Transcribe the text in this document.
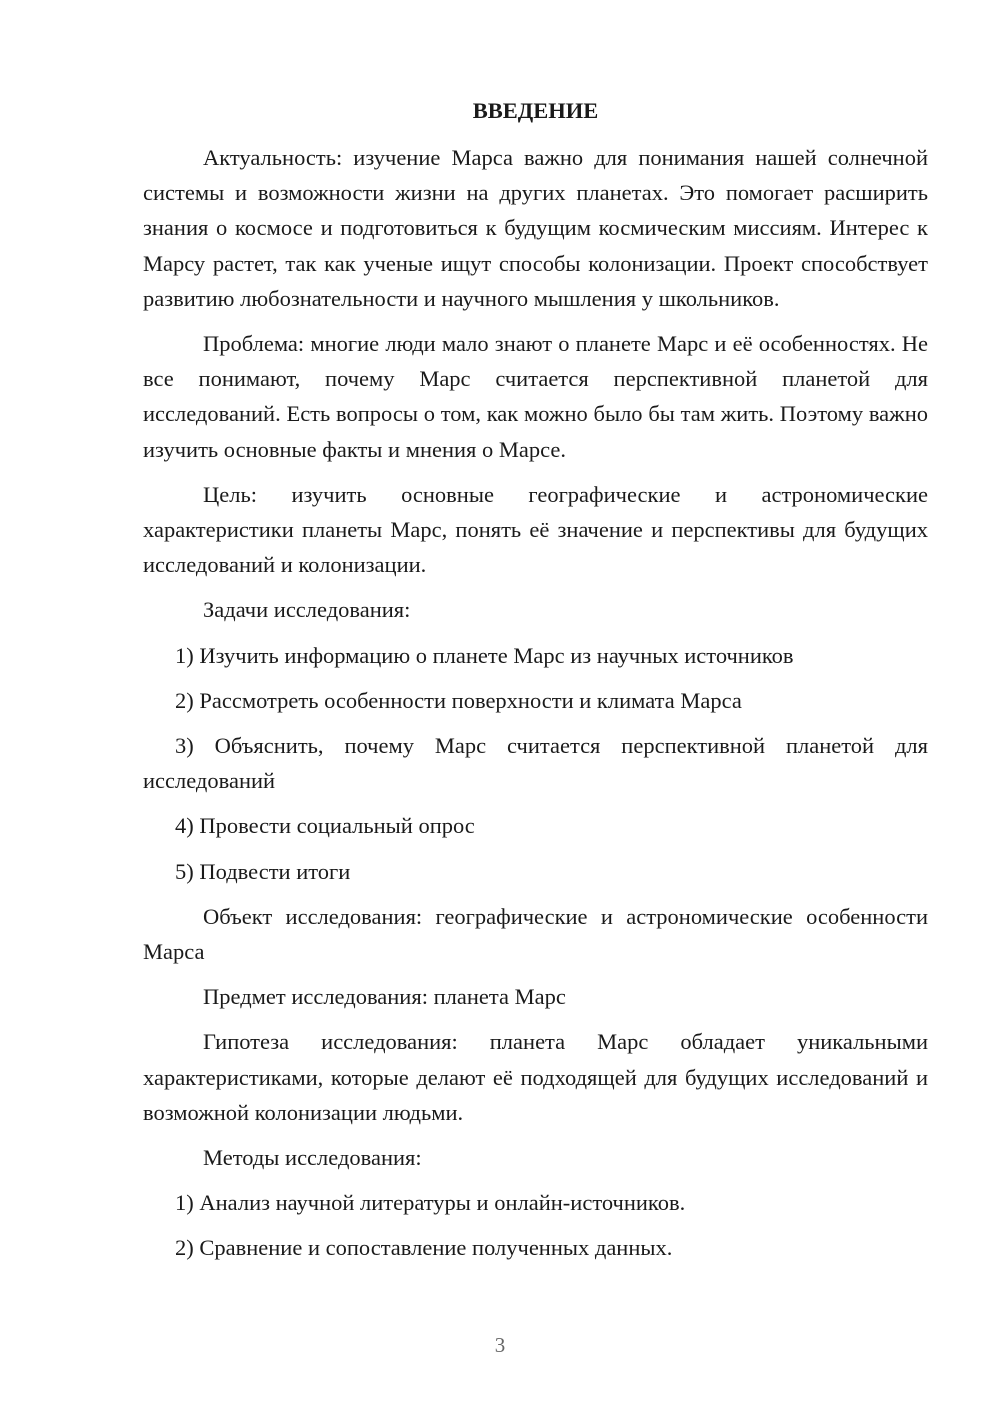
ВВЕДЕНИЕ

Актуальность: изучение Марса важно для понимания нашей солнечной системы и возможности жизни на других планетах. Это помогает расширить знания о космосе и подготовиться к будущим космическим миссиям. Интерес к Марсу растет, так как ученые ищут способы колонизации. Проект способствует развитию любознательности и научного мышления у школьников.

Проблема: многие люди мало знают о планете Марс и её особенностях. Не все понимают, почему Марс считается перспективной планетой для исследований. Есть вопросы о том, как можно было бы там жить. Поэтому важно изучить основные факты и мнения о Марсе.

Цель: изучить основные географические и астрономические характеристики планеты Марс, понять её значение и перспективы для будущих исследований и колонизации.

Задачи исследования:

1) Изучить информацию о планете Марс из научных источников

2) Рассмотреть особенности поверхности и климата Марса

3) Объяснить, почему Марс считается перспективной планетой для исследований

4) Провести социальный опрос

5) Подвести итоги

Объект исследования: географические и астрономические особенности Марса

Предмет исследования: планета Марс

Гипотеза исследования: планета Марс обладает уникальными характеристиками, которые делают её подходящей для будущих исследований и возможной колонизации людьми.

Методы исследования:

1) Анализ научной литературы и онлайн-источников.

2) Сравнение и сопоставление полученных данных.

3
